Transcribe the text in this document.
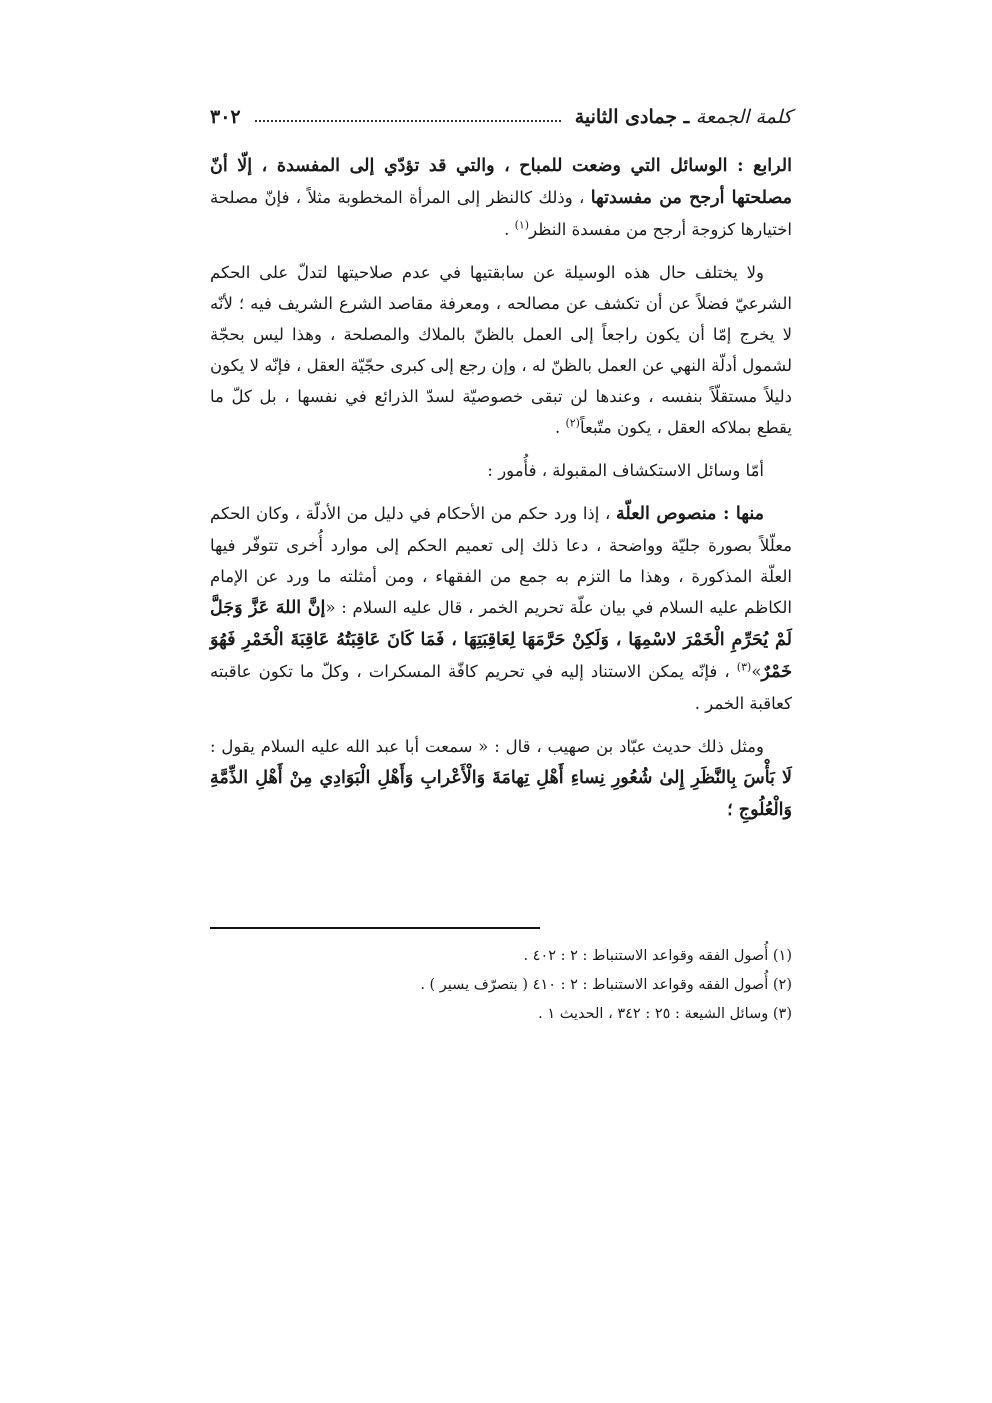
كلمة الجمعة ـ جمادى الثانية
٣٠٢

الرابع : الوسائل التي وضعت للمباح ، والتي قد تؤدّي إلى المفسدة ، إلّا أنّ مصلحتها أرجح من مفسدتها ، وذلك كالنظر إلى المرأة المخطوبة مثلاً ، فإنّ مصلحة اختيارها كزوجة أرجح من مفسدة النظر$^{(١)}$ .

ولا يختلف حال هذه الوسيلة عن سابقتيها في عدم صلاحيتها لتدلّ على الحكم الشرعيّ فضلاً عن أن تكشف عن مصالحه ، ومعرفة مقاصد الشرع الشريف فيه ؛ لأنّه لا يخرج إمّا أن يكون راجعاً إلى العمل بالظنّ بالملاك والمصلحة ، وهذا ليس بحجّة لشمول أدلّة النهي عن العمل بالظنّ له ، وإن رجع إلى كبرى حجّيّة العقل ، فإنّه لا يكون دليلاً مستقلّاً بنفسه ، وعندها لن تبقى خصوصيّة لسدّ الذرائع في نفسها ، بل كلّ ما يقطع بملاكه العقل ، يكون متّبعاً$^{(٢)}$ .

أمّا وسائل الاستكشاف المقبولة ، فأُمور :

منها : منصوص العلّة ، إذا ورد حكم من الأحكام في دليل من الأدلّة ، وكان الحكم معلّلاً بصورة جليّة وواضحة ، دعا ذلك إلى تعميم الحكم إلى موارد أُخرى تتوفّر فيها العلّة المذكورة ، وهذا ما التزم به جمع من الفقهاء ، ومن أمثلته ما ورد عن الإمام الكاظم عليه السلام في بيان علّة تحريم الخمر ، قال عليه السلام : «إنَّ اللهَ عَزَّ وَجَلَّ لَمْ يُحَرِّمِ الْخَمْرَ لاسْمِهَا ، وَلَكِنْ حَرَّمَهَا لِعَاقِبَتِهَا ، فَمَا كَانَ عَاقِبَتُهُ عَاقِبَةَ الْخَمْرِ فَهُوَ خَمْرٌ»$^{(٣)}$ ، فإنّه يمكن الاستناد إليه في تحريم كافّة المسكرات ، وكلّ ما تكون عاقبته كعاقبة الخمر .

ومثل ذلك حديث عبّاد بن صهيب ، قال : « سمعت أبا عبد الله عليه السلام يقول : لَا بَأْسَ بِالنَّظَرِ إِلىٰ شُعُورِ نِساءِ أَهْلِ تِهامَةَ وَالْأَعْرابِ وَأَهْلِ الْبَوَادِي مِنْ أَهْلِ الذِّمَّةِ وَالْعُلُوجِ ؛

(١) أُصول الفقه وقواعد الاستنباط : ٢ : ٤٠٢ .

(٢) أُصول الفقه وقواعد الاستنباط : ٢ : ٤١٠ ( بتصرّف يسير ) .

(٣) وسائل الشيعة : ٢٥ : ٣٤٢ ، الحديث ١ .
